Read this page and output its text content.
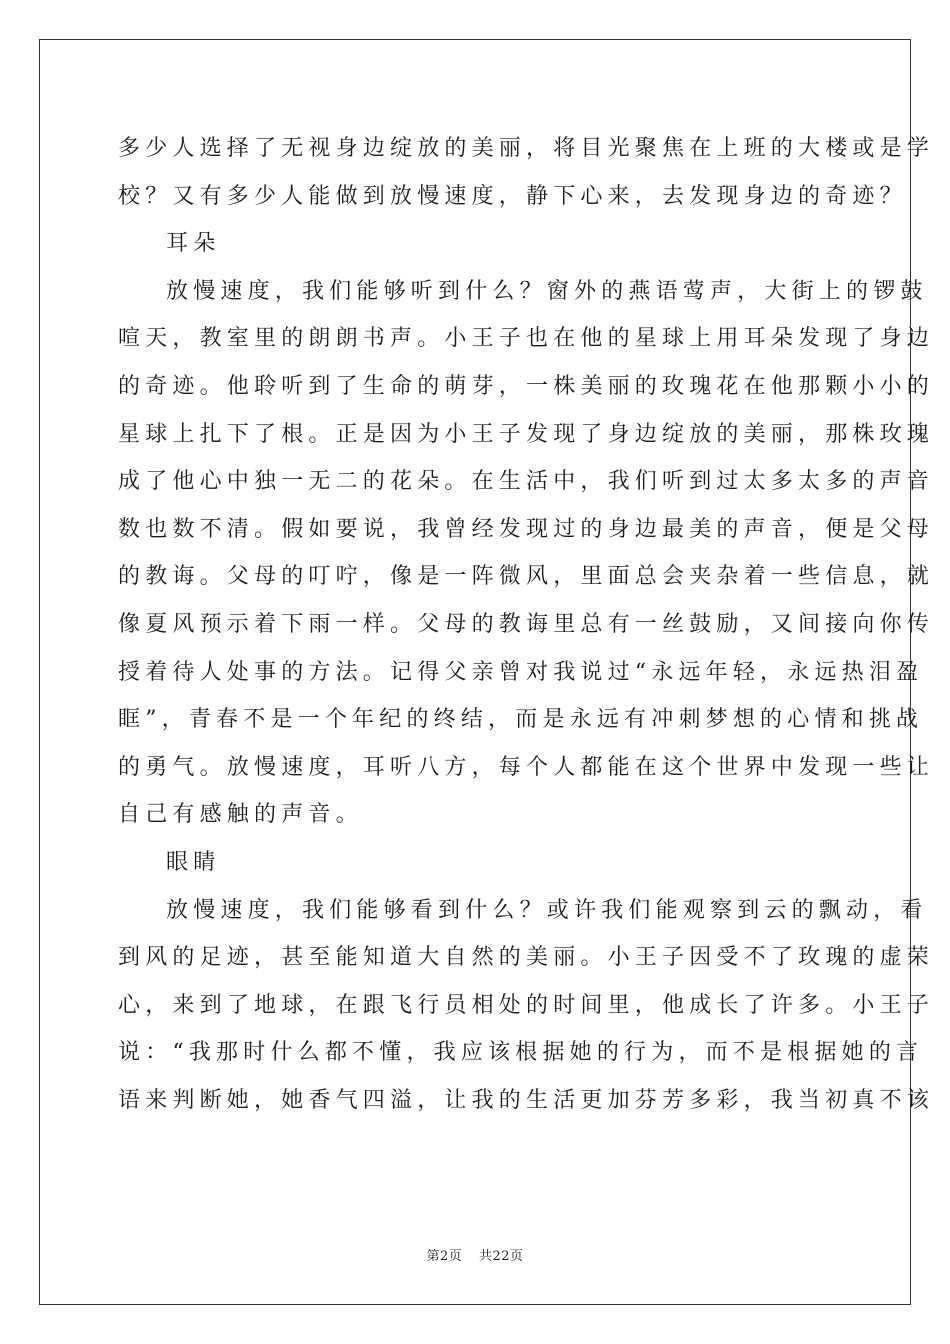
多少人选择了无视身边绽放的美丽，将目光聚焦在上班的大楼或是学
校？又有多少人能做到放慢速度，静下心来，去发现身边的奇迹？
耳朵
放慢速度，我们能够听到什么？窗外的燕语莺声，大街上的锣鼓
喧天，教室里的朗朗书声。小王子也在他的星球上用耳朵发现了身边
的奇迹。他聆听到了生命的萌芽，一株美丽的玫瑰花在他那颗小小的
星球上扎下了根。正是因为小王子发现了身边绽放的美丽，那株玫瑰
成了他心中独一无二的花朵。在生活中，我们听到过太多太多的声音
数也数不清。假如要说，我曾经发现过的身边最美的声音，便是父母
的教诲。父母的叮咛，像是一阵微风，里面总会夹杂着一些信息，就
像夏风预示着下雨一样。父母的教诲里总有一丝鼓励，又间接向你传
授着待人处事的方法。记得父亲曾对我说过“永远年轻，永远热泪盈
眶”，青春不是一个年纪的终结，而是永远有冲刺梦想的心情和挑战
的勇气。放慢速度，耳听八方，每个人都能在这个世界中发现一些让
自己有感触的声音。
眼睛
放慢速度，我们能够看到什么？或许我们能观察到云的飘动，看
到风的足迹，甚至能知道大自然的美丽。小王子因受不了玫瑰的虚荣
心，来到了地球，在跟飞行员相处的时间里，他成长了许多。小王子
说：“我那时什么都不懂，我应该根据她的行为，而不是根据她的言
语来判断她，她香气四溢，让我的生活更加芬芳多彩，我当初真不该
第2页 共22页
